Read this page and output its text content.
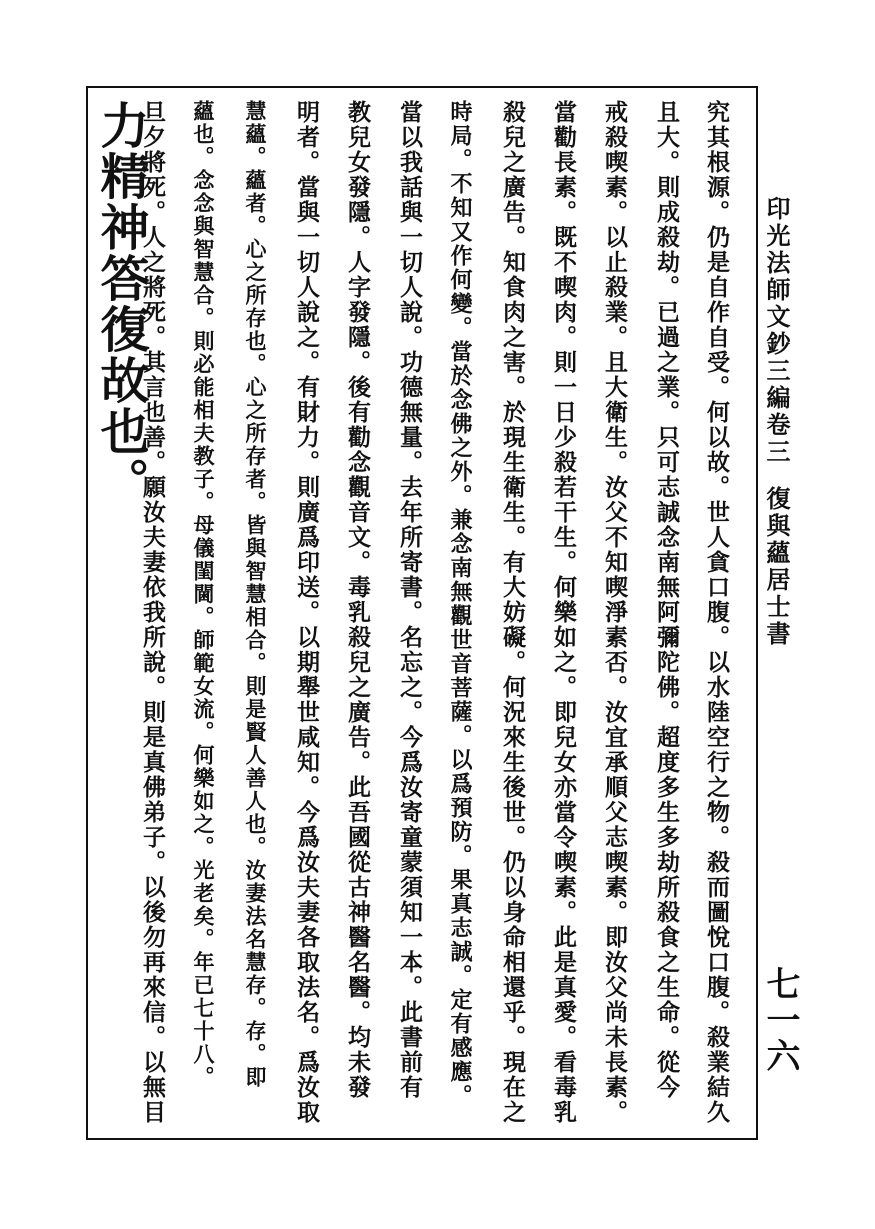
印光法師文鈔三編卷三
復與蘊居士書
七一六
究其根源。仍是自作自受。何以故。世人貪口腹。以水陸空行之物。殺而圖悅口腹。殺業結久
且大。則成殺劫。已過之業。只可志誠念南無阿彌陀佛。超度多生多劫所殺食之生命。從今
戒殺喫素。以止殺業。且大衛生。汝父不知喫淨素否。汝宜承順父志喫素。即汝父尚未長素。
當勸長素。既不喫肉。則一日少殺若干生。何樂如之。即兒女亦當令喫素。此是真愛。看毒乳
殺兒之廣告。知食肉之害。於現生衛生。有大妨礙。何況來生後世。仍以身命相還乎。現在之
時局。不知又作何變。當於念佛之外。兼念南無觀世音菩薩。以爲預防。果真志誠。定有感應。
當以我話與一切人說。功德無量。去年所寄書。名忘之。今爲汝寄童蒙須知一本。此書前有
教兒女發隱。人字發隱。後有勸念觀音文。毒乳殺兒之廣告。此吾國從古神醫名醫。均未發
明者。當與一切人說之。有財力。則廣爲印送。以期舉世咸知。今爲汝夫妻各取法名。爲汝取
慧蘊。蘊者。心之所存也。心之所存者。皆與智慧相合。則是賢人善人也。汝妻法名慧存。存。即
蘊也。念念與智慧合。則必能相夫教子。母儀閨閫。師範女流。何樂如之。光老矣。年已七十八。
旦夕將死。人之將死。其言也善。願汝夫妻依我所說。則是真佛弟子。以後勿再來信。以無目
力精神答復故也。
